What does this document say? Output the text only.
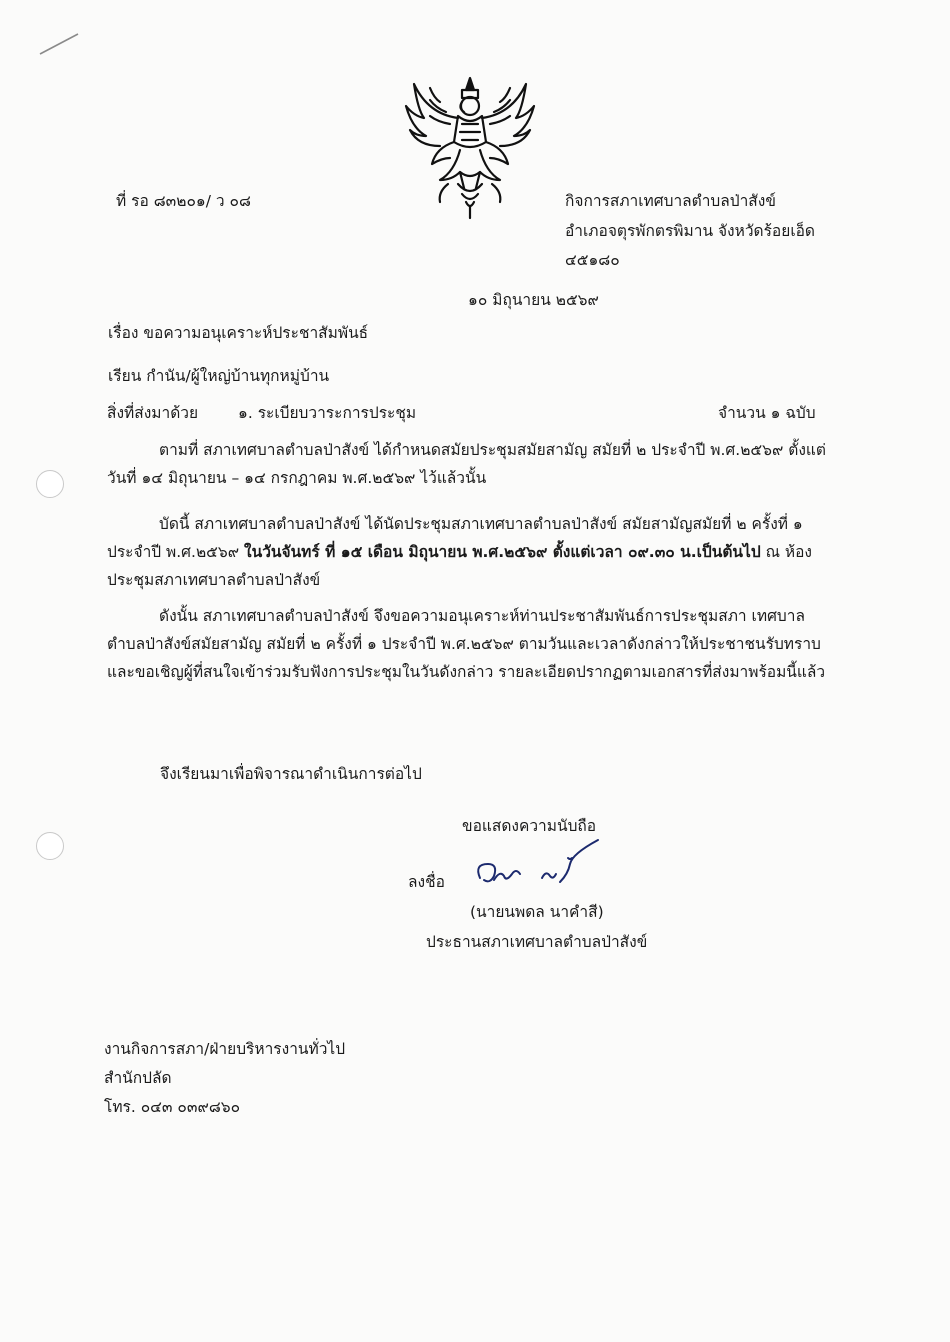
ที่ รอ ๘๓๒๐๑/ ว ๐๘	กิจการสภาเทศบาลตำบลป่าสังข์
อำเภอจตุรพักตรพิมาน จังหวัดร้อยเอ็ด
๔๕๑๘๐
๑๐ มิถุนายน ๒๕๖๙
เรื่อง ขอความอนุเคราะห์ประชาสัมพันธ์
เรียน กำนัน/ผู้ใหญ่บ้านทุกหมู่บ้าน
สิ่งที่ส่งมาด้วย	๑. ระเบียบวาระการประชุม	จำนวน ๑ ฉบับ

ตามที่ สภาเทศบาลตำบลป่าสังข์ ได้กำหนดสมัยประชุมสมัยสามัญ สมัยที่ ๒ ประจำปี พ.ศ.๒๕๖๙ ตั้งแต่วันที่ ๑๔ มิถุนายน – ๑๔ กรกฎาคม พ.ศ.๒๕๖๙ ไว้แล้วนั้น

บัดนี้ สภาเทศบาลตำบลป่าสังข์ ได้นัดประชุมสภาเทศบาลตำบลป่าสังข์ สมัยสามัญสมัยที่ ๒ ครั้งที่ ๑ ประจำปี พ.ศ.๒๕๖๙ ในวันจันทร์ ที่ ๑๕ เดือน มิถุนายน พ.ศ.๒๕๖๙ ตั้งแต่เวลา ๐๙.๓๐ น.เป็นต้นไป ณ ห้องประชุมสภาเทศบาลตำบลป่าสังข์

ดังนั้น สภาเทศบาลตำบลป่าสังข์ จึงขอความอนุเคราะห์ท่านประชาสัมพันธ์การประชุมสภา เทศบาลตำบลป่าสังข์สมัยสามัญ สมัยที่ ๒ ครั้งที่ ๑ ประจำปี พ.ศ.๒๕๖๙ ตามวันและเวลาดังกล่าวให้ประชาชนรับทราบและขอเชิญผู้ที่สนใจเข้าร่วมรับฟังการประชุมในวันดังกล่าว รายละเอียดปรากฏตามเอกสารที่ส่งมาพร้อมนี้แล้ว

จึงเรียนมาเพื่อพิจารณาดำเนินการต่อไป
ขอแสดงความนับถือ
ลงชื่อ
(นายนพดล นาคำสี)
ประธานสภาเทศบาลตำบลป่าสังข์
งานกิจการสภา/ฝ่ายบริหารงานทั่วไป
สำนักปลัด
โทร. ๐๔๓ ๐๓๙๘๖๐
